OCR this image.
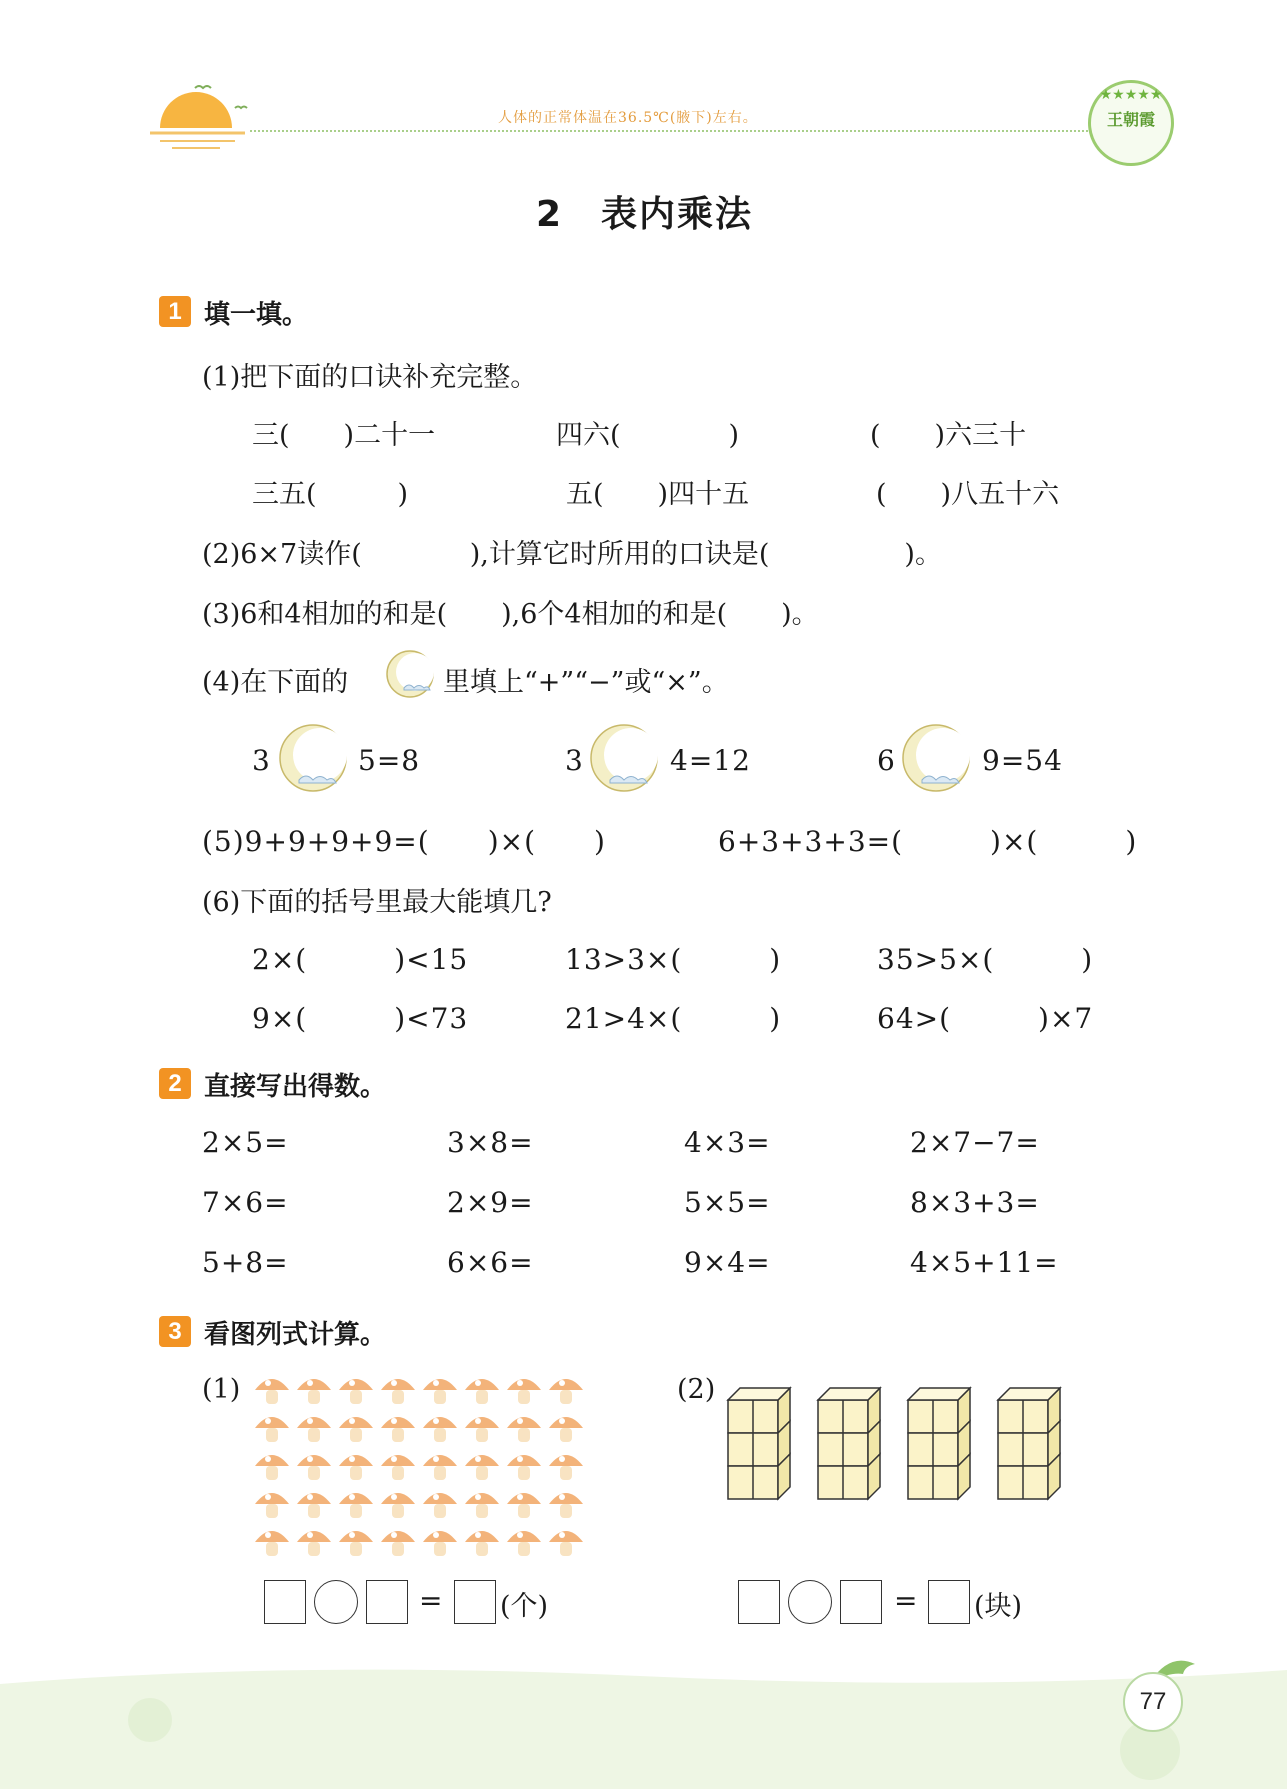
人体的正常体温在36.5℃(腋下)左右。
★★★★★
王朝霞
2　表内乘法
1 填一填。
(1)把下面的口诀补充完整。
三(　　)二十一	四六(　　　　)	(　　)六三十
三五(　　　)	五(　　)四十五	(　　)八五十六
(2)6×7读作(　　　　),计算它时所用的口诀是(　　　　　)。
(3)6和4相加的和是(　　),6个4相加的和是(　　)。
(4)在下面的	里填上“+”“−”或“×”。
3	5=8	3	4=12	6	9=54
(5)9+9+9+9=(　　)×(　　)	6+3+3+3=(　　　)×(　　　)
(6)下面的括号里最大能填几?
2×(　　　)<15	13>3×(　　　)	35>5×(　　　)
9×(　　　)<73	21>4×(　　　)	64>(　　　)×7
2 直接写出得数。
2×5=	3×8=	4×3=	2×7−7=
7×6=	2×9=	5×5=	8×3+3=
5+8=	6×6=	9×4=	4×5+11=
3 看图列式计算。
(1)
= (个)
(2)
= (块)
77
